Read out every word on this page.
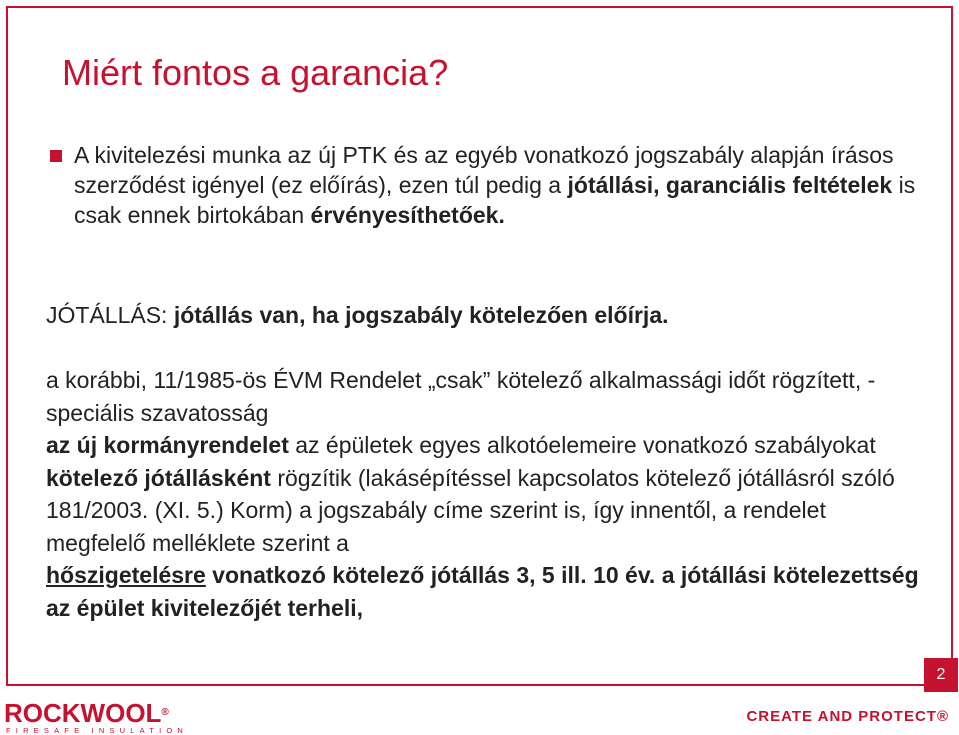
Miért fontos a garancia?

A kivitelezési munka az új PTK és az egyéb vonatkozó jogszabály alapján írásos szerződést igényel (ez előírás), ezen túl pedig a jótállási, garanciális feltételek is csak ennek birtokában érvényesíthetőek.

JÓTÁLLÁS: jótállás van, ha jogszabály kötelezően előírja.

a korábbi, 11/1985-ös ÉVM Rendelet „csak” kötelező alkalmassági időt rögzített, - speciális szavatosság
az új kormányrendelet az épületek egyes alkotóelemeire vonatkozó szabályokat kötelező jótállásként rögzítik (lakásépítéssel kapcsolatos kötelező jótállásról szóló 181/2003. (XI. 5.) Korm) a jogszabály címe szerint is, így innentől, a rendelet megfelelő melléklete szerint a
hőszigetelésre vonatkozó kötelező jótállás 3, 5 ill. 10 év. a jótállási kötelezettség az épület kivitelezőjét terheli,

2
ROCKWOOL®
FIRESAFE INSULATION
CREATE AND PROTECT®
